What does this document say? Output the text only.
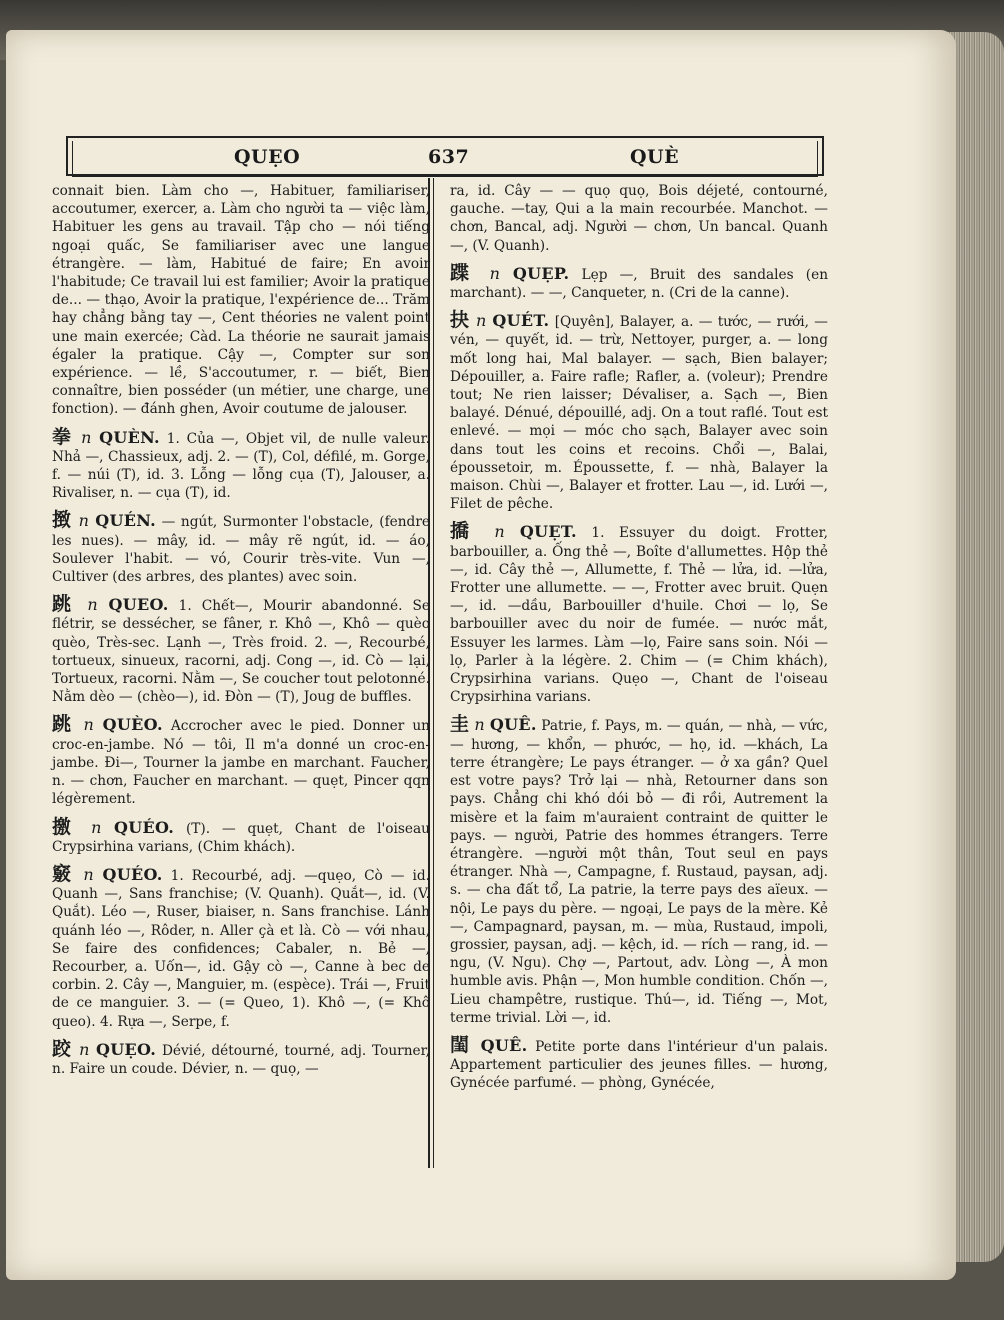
QUẸO	637	QUÈ
connait bien. Làm cho —, Habituer, familiariser, accoutumer, exercer, a. Làm cho người ta — việc làm, Habituer les gens au travail. Tập cho — nói tiếng ngoại quấc, Se familiariser avec une langue étrangère. — làm, Habitué de faire; En avoir l'habitude; Ce travail lui est familier; Avoir la pratique de... — thạo, Avoir la pratique, l'expérience de... Trăm hay chẳng bằng tay —, Cent théories ne valent point une main exercée; Càd. La théorie ne saurait jamais égaler la pratique. Cậy —, Compter sur son expérience. — lề, S'accoutumer, r. — biết, Bien connaître, bien posséder (un métier, une charge, une fonction). — đánh ghen, Avoir coutume de jalouser.
拳 n QUÈN. 1. Của —, Objet vil, de nulle valeur. Nhả —, Chassieux, adj. 2. — (T), Col, défilé, m. Gorge, f. — núi (T), id. 3. Lỗng — lỗng cụa (T), Jalouser, a. Rivaliser, n. — cụa (T), id.
㨖 n QUÉN. — ngút, Surmonter l'obstacle, (fendre les nues). — mây, id. — mây rẽ ngút, id. — áo, Soulever l'habit. — vó, Courir très-vite. Vun —, Cultiver (des arbres, des plantes) avec soin.
跳 n QUEO. 1. Chết—, Mourir abandonné. Se flétrir, se dessécher, se fâner, r. Khô —, Khô — quèo quèo, Très-sec. Lạnh —, Très froid. 2. —, Recourbé, tortueux, sinueux, racorni, adj. Cong —, id. Cò — lại, Tortueux, racorni. Nằm —, Se coucher tout pelotonné. Nằm dèo — (chèo—), id. Đòn — (T), Joug de buffles.
跳 n QUÈO. Accrocher avec le pied. Donner un croc-en-jambe. Nó — tôi, Il m'a donné un croc-en-jambe. Đi—, Tourner la jambe en marchant. Faucher, n. — chơn, Faucher en marchant. — quẹt, Pincer qqn légèrement.
撽 n QUÉO. (T). — quẹt, Chant de l'oiseau Crypsirhina varians, (Chim khách).
竅 n QUÉO. 1. Recourbé, adj. —quẹo, Cò — id. Quanh —, Sans franchise; (V. Quanh). Quắt—, id. (V. Quắt). Léo —, Ruser, biaiser, n. Sans franchise. Lánh quánh léo —, Rôder, n. Aller çà et là. Cò — với nhau, Se faire des confidences; Cabaler, n. Bẻ —, Recourber, a. Uốn—, id. Gậy cò —, Canne à bec de corbin. 2. Cây —, Manguier, m. (espèce). Trái —, Fruit de ce manguier. 3. — (= Queo, 1). Khô —, (= Khô queo). 4. Rựa —, Serpe, f.
跤 n QUẸO. Dévié, détourné, tourné, adj. Tourner, n. Faire un coude. Dévier, n. — quọ, —
ra, id. Cây — — quọ quọ, Bois déjeté, contourné, gauche. —tay, Qui a la main recourbée. Manchot. — chơn, Bancal, adj. Người — chơn, Un bancal. Quanh—, (V. Quanh).
蹀 n QUẸP. Lẹp —, Bruit des sandales (en marchant). — —, Canqueter, n. (Cri de la canne).
抉 n QUÉT. [Quyên], Balayer, a. — tước, — rưới, — vén, — quyết, id. — trừ, Nettoyer, purger, a. — long mốt long hai, Mal balayer. — sạch, Bien balayer; Dépouiller, a. Faire rafle; Rafler, a. (voleur); Prendre tout; Ne rien laisser; Dévaliser, a. Sạch —, Bien balayé. Dénué, dépouillé, adj. On a tout raflé. Tout est enlevé. — mọi — móc cho sạch, Balayer avec soin dans tout les coins et recoins. Chổi —, Balai, époussetoir, m. Époussette, f. — nhà, Balayer la maison. Chùi —, Balayer et frotter. Lau —, id. Lưới —, Filet de pêche.
撟 n QUẸT. 1. Essuyer du doigt. Frotter, barbouiller, a. Ống thẻ —, Boîte d'allumettes. Hộp thẻ —, id. Cây thẻ —, Allumette, f. Thẻ — lửa, id. —lửa, Frotter une allumette. — —, Frotter avec bruit. Quẹn —, id. —dầu, Barbouiller d'huile. Chơi — lọ, Se barbouiller avec du noir de fumée. — nước mắt, Essuyer les larmes. Làm —lọ, Faire sans soin. Nói — lọ, Parler à la légère. 2. Chim — (= Chim khách), Crypsirhina varians. Quẹo —, Chant de l'oiseau Crypsirhina varians.
圭 n QUÊ. Patrie, f. Pays, m. — quán, — nhà, — vức, — hương, — khổn, — phước, — họ, id. —khách, La terre étrangère; Le pays étranger. — ở xa gần? Quel est votre pays? Trở lại — nhà, Retourner dans son pays. Chẳng chi khó dói bỏ — đi rồi, Autrement la misère et la faim m'auraient contraint de quitter le pays. — người, Patrie des hommes étrangers. Terre étrangère. —người một thân, Tout seul en pays étranger. Nhà —, Campagne, f. Rustaud, paysan, adj. s. — cha đất tổ, La patrie, la terre pays des aïeux. — nội, Le pays du père. — ngoại, Le pays de la mère. Kẻ —, Campagnard, paysan, m. — mùa, Rustaud, impoli, grossier, paysan, adj. — kệch, id. — rích — rang, id. — ngu, (V. Ngu). Chợ —, Partout, adv. Lòng —, À mon humble avis. Phận —, Mon humble condition. Chốn —, Lieu champêtre, rustique. Thú—, id. Tiếng —, Mot, terme trivial. Lời —, id.
閨 QUÊ. Petite porte dans l'intérieur d'un palais. Appartement particulier des jeunes filles. — hương, Gynécée parfumé. — phòng, Gynécée,
